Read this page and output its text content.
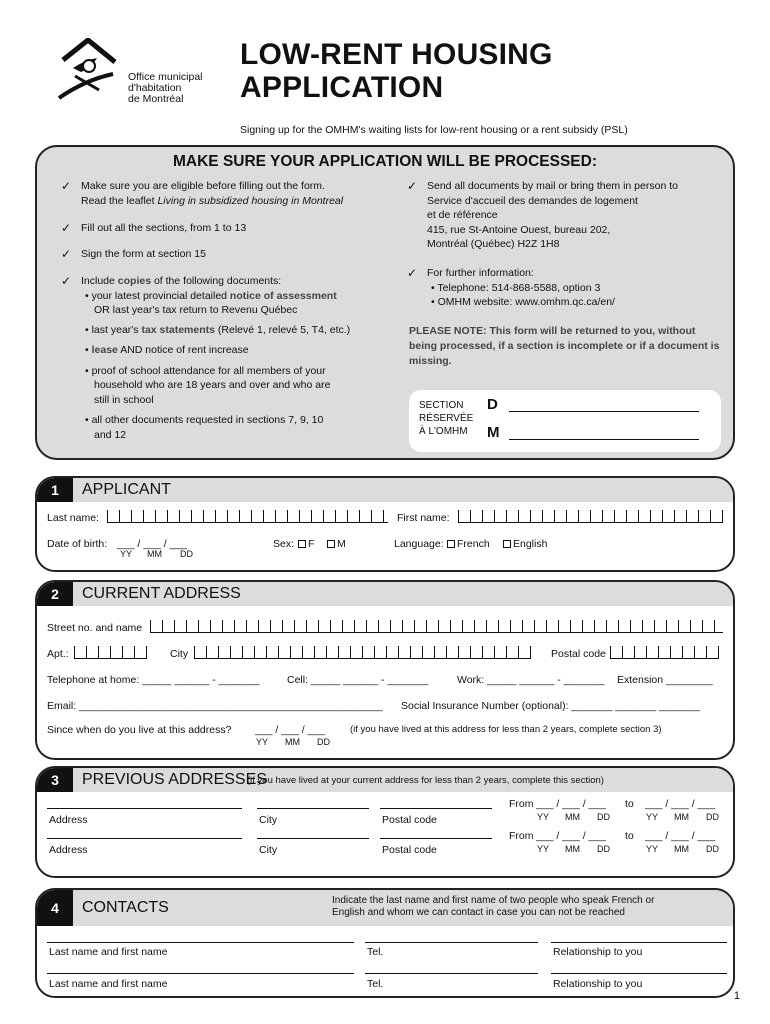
Office municipal
d'habitation
de Montréal
LOW-RENT HOUSING
APPLICATION
Signing up for the OMHM's waiting lists for low-rent housing or a rent subsidy (PSL)
MAKE SURE YOUR APPLICATION WILL BE PROCESSED:
✓ Make sure you are eligible before filling out the form.
Read the leaflet Living in subsidized housing in Montreal
✓ Fill out all the sections, from 1 to 13
✓ Sign the form at section 15
✓ Include copies of the following documents:
• your latest provincial detailed notice of assessment
OR last year's tax return to Revenu Québec
• last year's tax statements (Relevé 1, relevé 5, T4, etc.)
• lease AND notice of rent increase
• proof of school attendance for all members of your
household who are 18 years and over and who are
still in school
• all other documents requested in sections 7, 9, 10
and 12
✓ Send all documents by mail or bring them in person to
Service d'accueil des demandes de logement
et de référence
415, rue St-Antoine Ouest, bureau 202,
Montréal (Québec) H2Z 1H8
✓ For further information:
• Telephone: 514-868-5588, option 3
• OMHM website: www.omhm.qc.ca/en/
PLEASE NOTE: This form will be returned to you, without being processed, if a section is incomplete or if a document is missing.
SECTION
RÉSERVÉE
À L'OMHM
D
M
1	APPLICANT
Last name:	First name:
Date of birth: ___ / ___ / ___
YY MM DD
Sex:	F	M	Language:	French	English
2	CURRENT ADDRESS
Street no. and name
Apt.:	City	Postal code
Telephone at home: _____ ______ - _______	Cell: _____ ______ - _______	Work: _____ ______ - _______ Extension ________
Email: ____________________________________________________ Social Insurance Number (optional): _______ _______ _______
Since when do you live at this address? ___ / ___ / ___
YY MM DD
(if you have lived at this address for less than 2 years, complete section 3)
3	PREVIOUS ADDRESSES
(if you have lived at your current address for less than 2 years, complete this section)
Address	City	Postal code
From ___ / ___ / ___
YY MM DD
to ___ / ___ / ___
YY MM DD
Address	City	Postal code
From ___ / ___ / ___
YY MM DD
to ___ / ___ / ___
YY MM DD
4	CONTACTS	Indicate the last name and first name of two people who speak French or
English and whom we can contact in case you can not be reached
Last name and first name	Tel.	Relationship to you
Last name and first name	Tel.	Relationship to you
1
